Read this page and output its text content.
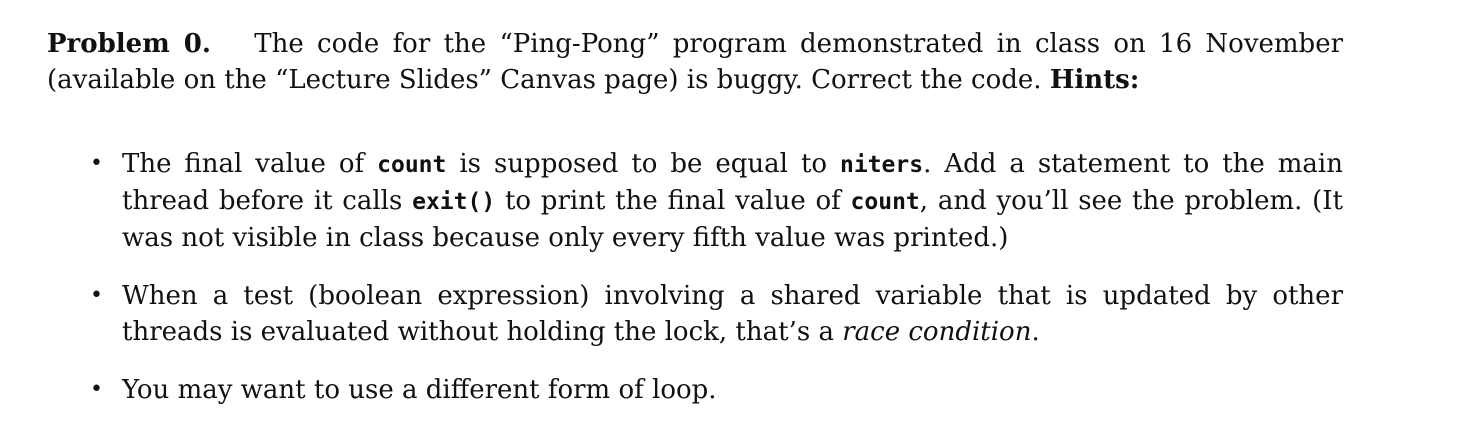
Problem 0. The code for the “Ping-Pong” program demonstrated in class on 16 November (available on the “Lecture Slides” Canvas page) is buggy. Correct the code. Hints:
• The final value of count is supposed to be equal to niters. Add a statement to the main thread before it calls exit() to print the final value of count, and you’ll see the problem. (It was not visible in class because only every fifth value was printed.)
• When a test (boolean expression) involving a shared variable that is updated by other threads is evaluated without holding the lock, that’s a race condition.
• You may want to use a different form of loop.
